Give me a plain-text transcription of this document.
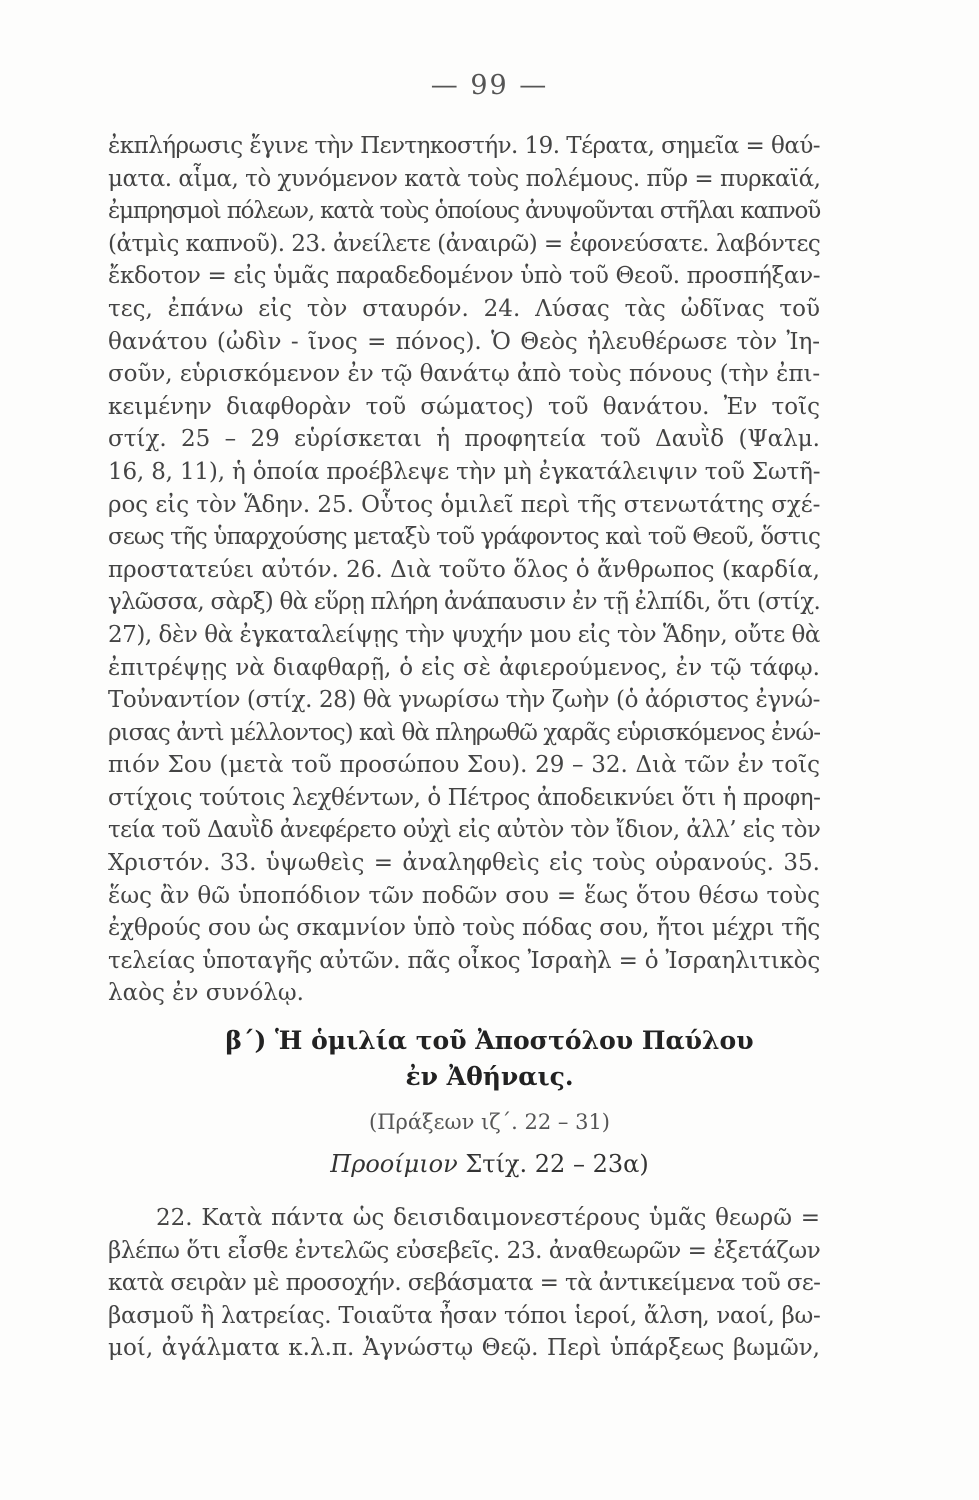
— 99 —
ἐκπλήρωσις ἔγινε τὴν Πεντηκοστήν. 19. Τέρατα, σημεῖα = θαύ-
ματα. αἷμα, τὸ χυνόμενον κατὰ τοὺς πολέμους. πῦρ = πυρκαϊά,
ἐμπρησμοὶ πόλεων, κατὰ τοὺς ὁποίους ἀνυψοῦνται στῆλαι καπνοῦ
(ἀτμὶς καπνοῦ). 23. ἀνείλετε (ἀναιρῶ) = ἐφονεύσατε. λαβόντες
ἔκδοτον = εἰς ὑμᾶς παραδεδομένον ὑπὸ τοῦ Θεοῦ. προσπήξαν-
τες, ἐπάνω εἰς τὸν σταυρόν. 24. Λύσας τὰς ὠδῖνας τοῦ
θανάτου (ὠδὶν - ῖνος = πόνος). Ὁ Θεὸς ἠλευθέρωσε τὸν Ἰη-
σοῦν, εὑρισκόμενον ἐν τῷ θανάτῳ ἀπὸ τοὺς πόνους (τὴν ἐπι-
κειμένην διαφθορὰν τοῦ σώματος) τοῦ θανάτου. Ἐν τοῖς
στίχ. 25 – 29 εὑρίσκεται ἡ προφητεία τοῦ Δαυῒδ (Ψαλμ.
16, 8, 11), ἡ ὁποία προέβλεψε τὴν μὴ ἐγκατάλειψιν τοῦ Σωτῆ-
ρος εἰς τὸν Ἅδην. 25. Οὗτος ὁμιλεῖ περὶ τῆς στενωτάτης σχέ-
σεως τῆς ὑπαρχούσης μεταξὺ τοῦ γράφοντος καὶ τοῦ Θεοῦ, ὅστις
προστατεύει αὐτόν. 26. Διὰ τοῦτο ὅλος ὁ ἄνθρωπος (καρδία,
γλῶσσα, σὰρξ) θὰ εὕρῃ πλήρη ἀνάπαυσιν ἐν τῇ ἐλπίδι, ὅτι (στίχ.
27), δὲν θὰ ἐγκαταλείψῃς τὴν ψυχήν μου εἰς τὸν Ἅδην, οὔτε θὰ
ἐπιτρέψῃς νὰ διαφθαρῇ, ὁ εἰς σὲ ἀφιερούμενος, ἐν τῷ τάφῳ.
Τοὐναντίον (στίχ. 28) θὰ γνωρίσω τὴν ζωὴν (ὁ ἀόριστος ἐγνώ-
ρισας ἀντὶ μέλλοντος) καὶ θὰ πληρωθῶ χαρᾶς εὑρισκόμενος ἐνώ-
πιόν Σου (μετὰ τοῦ προσώπου Σου). 29 – 32. Διὰ τῶν ἐν τοῖς
στίχοις τούτοις λεχθέντων, ὁ Πέτρος ἀποδεικνύει ὅτι ἡ προφη-
τεία τοῦ Δαυῒδ ἀνεφέρετο οὐχὶ εἰς αὐτὸν τὸν ἴδιον, ἀλλ’ εἰς τὸν
Χριστόν. 33. ὑψωθεὶς = ἀναληφθεὶς εἰς τοὺς οὐρανούς. 35.
ἕως ἂν θῶ ὑποπόδιον τῶν ποδῶν σου = ἕως ὅτου θέσω τοὺς
ἐχθρούς σου ὡς σκαμνίον ὑπὸ τοὺς πόδας σου, ἤτοι μέχρι τῆς
τελείας ὑποταγῆς αὐτῶν. πᾶς οἶκος Ἰσραὴλ = ὁ Ἰσραηλιτικὸς
λαὸς ἐν συνόλῳ.
β΄) Ἡ ὁμιλία τοῦ Ἀποστόλου Παύλου
ἐν Ἀθήναις.
(Πράξεων ιζ΄. 22 – 31)
Προοίμιον Στίχ. 22 – 23α)
22. Κατὰ πάντα ὡς δεισιδαιμονεστέρους ὑμᾶς θεωρῶ =
βλέπω ὅτι εἶσθε ἐντελῶς εὐσεβεῖς. 23. ἀναθεωρῶν = ἐξετάζων
κατὰ σειρὰν μὲ προσοχήν. σεβάσματα = τὰ ἀντικείμενα τοῦ σε-
βασμοῦ ἢ λατρείας. Τοιαῦτα ἦσαν τόποι ἱεροί, ἄλση, ναοί, βω-
μοί, ἀγάλματα κ.λ.π. Ἀγνώστῳ Θεῷ. Περὶ ὑπάρξεως βωμῶν,
